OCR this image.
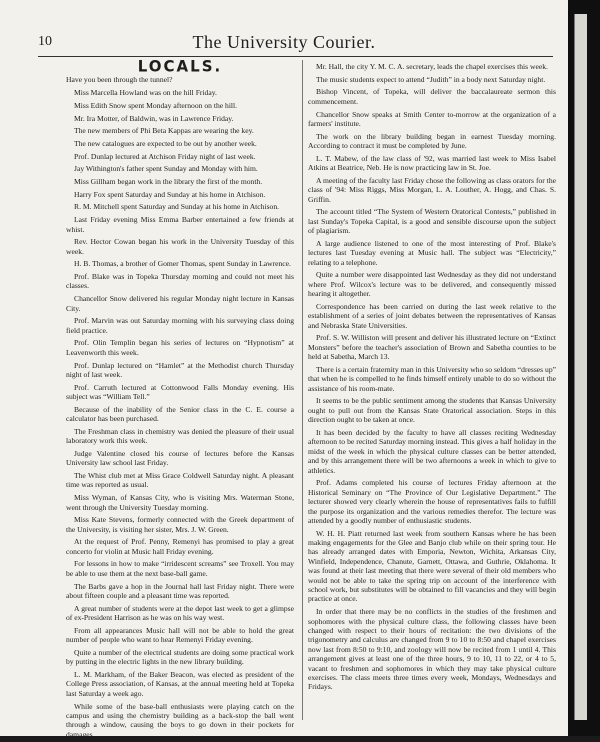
10	The University Courier.
LOCALS.

Have you been through the tunnel?

Miss Marcella Howland was on the hill Friday.

Miss Edith Snow spent Monday afternoon on the hill.

Mr. Ira Motter, of Baldwin, was in Lawrence Friday.

The new members of Phi Beta Kappas are wearing the key.

The new catalogues are expected to be out by another week.

Prof. Dunlap lectured at Atchison Friday night of last week.

Jay Withington's father spent Sunday and Monday with him.

Miss Gillham began work in the library the first of the month.

Harry Fox spent Saturday and Sunday at his home in Atchison.

R. M. Mitchell spent Saturday and Sunday at his home in Atchison.

Last Friday evening Miss Emma Barber entertained a few friends at whist.

Rev. Hector Cowan began his work in the University Tuesday of this week.

H. B. Thomas, a brother of Gomer Thomas, spent Sunday in Lawrence.

Prof. Blake was in Topeka Thursday morning and could not meet his classes.

Chancellor Snow delivered his regular Monday night lecture in Kansas City.

Prof. Marvin was out Saturday morning with his surveying class doing field practice.

Prof. Olin Templin began his series of lectures on “Hypnotism” at Leavenworth this week.

Prof. Dunlap lectured on “Hamlet” at the Methodist church Thursday night of last week.

Prof. Carruth lectured at Cottonwood Falls Monday evening. His subject was “William Tell.”

Because of the inability of the Senior class in the C. E. course a calculator has been purchased.

The Freshman class in chemistry was denied the pleasure of their usual laboratory work this week.

Judge Valentine closed his course of lectures before the Kansas University law school last Friday.

The Whist club met at Miss Grace Coldwell Saturday night. A pleasant time was reported as usual.

Miss Wyman, of Kansas City, who is visiting Mrs. Waterman Stone, went through the University Tuesday morning.

Miss Kate Stevens, formerly connected with the Greek department of the University, is visiting her sister, Mrs. J. W. Green.

At the request of Prof. Penny, Remenyi has promised to play a great concerto for violin at Music hall Friday evening.

For lessons in how to make “irridescent screams” see Troxell. You may be able to use them at the next base-ball game.

The Barbs gave a hop in the Journal hall last Friday night. There were about fifteen couple and a pleasant time was reported.

A great number of students were at the depot last week to get a glimpse of ex-President Harrison as he was on his way west.

From all appearances Music hall will not be able to hold the great number of people who want to hear Remenyi Friday evening.

Quite a number of the electrical students are doing some practical work by putting in the electric lights in the new library building.

L. M. Markham, of the Baker Beacon, was elected as president of the College Press association, of Kansas, at the annual meeting held at Topeka last Saturday a week ago.

While some of the base-ball enthusiasts were playing catch on the campus and using the chemistry building as a back-stop the ball went through a window, causing the boys to go down in their pockets for damages.

Mr. Hall, the city Y. M. C. A. secretary, leads the chapel exercises this week.

The music students expect to attend “Judith” in a body next Saturday night.

Bishop Vincent, of Topeka, will deliver the baccalaureate sermon this commencement.

Chancellor Snow speaks at Smith Center to-morrow at the organization of a farmers' institute.

The work on the library building began in earnest Tuesday morning. According to contract it must be completed by June.

L. T. Mabew, of the law class of '92, was married last week to Miss Isabel Atkins at Beatrice, Neb. He is now practicing law in St. Joe.

A meeting of the faculty last Friday chose the following as class orators for the class of '94: Miss Riggs, Miss Morgan, L. A. Louther, A. Hogg, and Chas. S. Griffin.

The account titled “The System of Western Oratorical Contests,” published in last Sunday's Topeka Capital, is a good and sensible discourse upon the subject of plagiarism.

A large audience listened to one of the most interesting of Prof. Blake's lectures last Tuesday evening at Music hall. The subject was “Electricity,” relating to a telephone.

Quite a number were disappointed last Wednesday as they did not understand where Prof. Wilcox's lecture was to be delivered, and consequently missed hearing it altogether.

Correspondence has been carried on during the last week relative to the establishment of a series of joint debates between the representatives of Kansas and Nebraska State Universities.

Prof. S. W. Williston will present and deliver his illustrated lecture on “Extinct Monsters” before the teacher's association of Brown and Sabetha counties to be held at Sabetha, March 13.

There is a certain fraternity man in this University who so seldom “dresses up” that when he is compelled to he finds himself entirely unable to do so without the assistance of his room-mate.

It seems to be the public sentiment among the students that Kansas University ought to pull out from the Kansas State Oratorical association. Steps in this direction ought to be taken at once.

It has been decided by the faculty to have all classes reciting Wednesday afternoon to be recited Saturday morning instead. This gives a half holiday in the midst of the week in which the physical culture classes can be better attended, and by this arrangement there will be two afternoons a week in which to give to athletics.

Prof. Adams completed his course of lectures Friday afternoon at the Historical Seminary on “The Province of Our Legislative Department.” The lecturer showed very clearly wherein the house of representatives fails to fulfill the purpose its organization and the various remedies therefor. The lecture was attended by a goodly number of enthusiastic students.

W. H. H. Piatt returned last week from southern Kansas where he has been making engagements for the Glee and Banjo club while on their spring tour. He has already arranged dates with Emporia, Newton, Wichita, Arkansas City, Winfield, Independence, Chanute, Garnett, Ottawa, and Guthrie, Oklahoma. It was found at their last meeting that there were several of their old members who would not be able to take the spring trip on account of the interference with school work, but substitutes will be obtained to fill vacancies and they will begin practice at once.

In order that there may be no conflicts in the studies of the freshmen and sophomores with the physical culture class, the following classes have been changed with respect to their hours of recitation: the two divisions of the trigonometry and calculus are changed from 9 to 10 to 8:50 and chapel exercises now last from 8:50 to 9:10, and zoology will now be recited from 1 until 4. This arrangement gives at least one of the three hours, 9 to 10, 11 to 22, or 4 to 5, vacant to freshmen and sophomores in which they may take physical culture exercises. The class meets three times every week, Mondays, Wednesdays and Fridays.
